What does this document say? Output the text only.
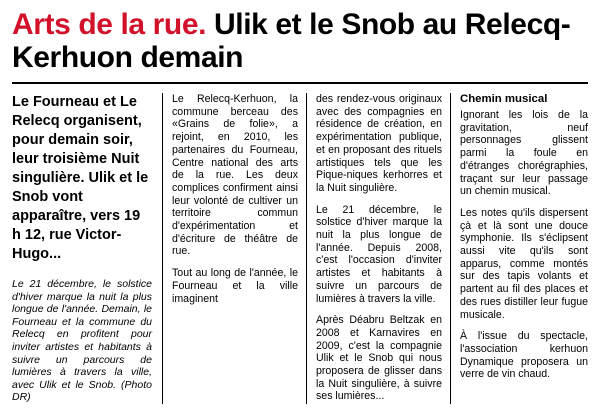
Arts de la rue. Ulik et le Snob au Relecq-Kerhuon demain

Le Fourneau et Le Relecq organisent, pour demain soir, leur troisième Nuit singulière. Ulik et le Snob vont apparaître, vers 19 h 12, rue Victor-Hugo...

Le 21 décembre, le solstice d'hiver marque la nuit la plus longue de l'année. Demain, le Fourneau et la commune du Relecq en profitent pour inviter artistes et habitants à suivre un parcours de lumières à travers la ville, avec Ulik et le Snob. (Photo DR)

Le Relecq-Kerhuon, la commune berceau des «Grains de folie», a rejoint, en 2010, les partenaires du Fourneau, Centre national des arts de la rue. Les deux complices confirment ainsi leur volonté de cultiver un territoire commun d'expérimentation et d'écriture de théâtre de rue.

Tout au long de l'année, le Fourneau et la ville imaginent

des rendez-vous originaux avec des compagnies en résidence de création, en expérimentation publique, et en proposant des rituels artistiques tels que les Pique-niques kerhorres et la Nuit singulière.

Le 21 décembre, le solstice d'hiver marque la nuit la plus longue de l'année. Depuis 2008, c'est l'occasion d'inviter artistes et habitants à suivre un parcours de lumières à travers la ville.

Après Déabru Beltzak en 2008 et Karnavires en 2009, c'est la compagnie Ulik et le Snob qui nous proposera de glisser dans la Nuit singulière, à suivre ses lumières...

Chemin musical

Ignorant les lois de la gravitation, neuf personnages glissent parmi la foule en d'étranges chorégraphies, traçant sur leur passage un chemin musical.

Les notes qu'ils dispersent çà et là sont une douce symphonie. Ils s'éclipsent aussi vite qu'ils sont apparus, comme montés sur des tapis volants et partent au fil des places et des rues distiller leur fugue musicale.

À l'issue du spectacle, l'association kerhuon Dynamique proposera un verre de vin chaud.
